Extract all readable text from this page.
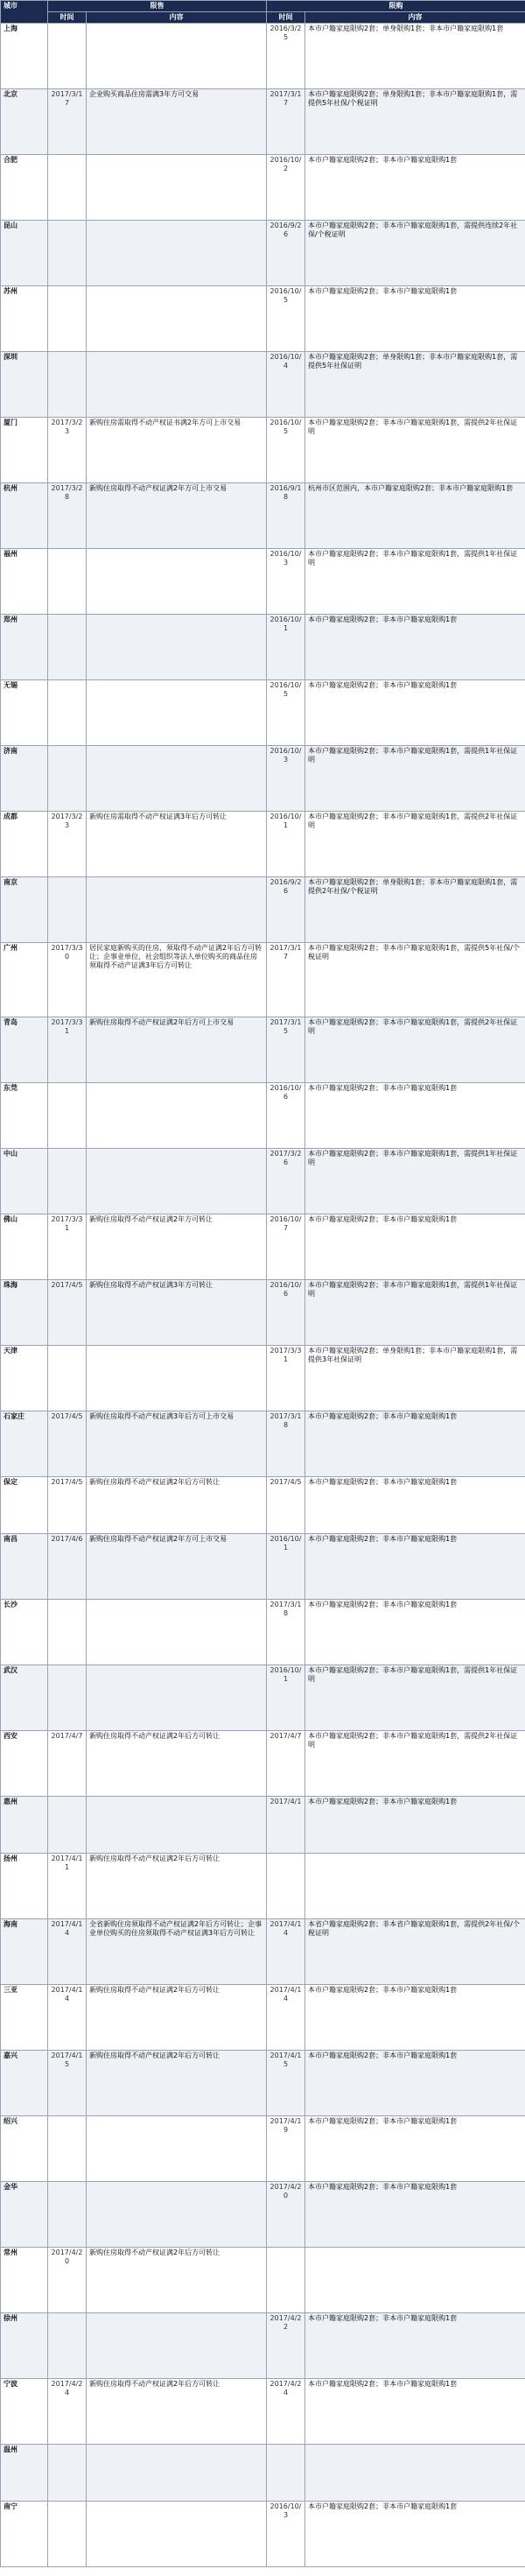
城市	限售		限购	
	时间	内容	时间	内容
上海			2016/3/25	本市户籍家庭限购2套；单身限购1套；非本市户籍家庭限购1套
北京	2017/3/17	企业购买商品住房需满3年方可交易	2017/3/17	本市户籍家庭限购2套；单身限购1套；非本市户籍家庭限购1套，需提供5年社保/个税证明
合肥			2016/10/2	本市户籍家庭限购2套；非本市户籍家庭限购1套
昆山			2016/9/26	本市户籍家庭限购2套；非本市户籍家庭限购1套，需提供连续2年社保/个税证明
苏州			2016/10/5	本市户籍家庭限购2套；非本市户籍家庭限购1套
深圳			2016/10/4	本市户籍家庭限购2套；单身限购1套；非本市户籍家庭限购1套，需提供5年社保证明
厦门	2017/3/23	新购住房需取得不动产权证书满2年方可上市交易	2016/10/5	本市户籍家庭限购2套；非本市户籍家庭限购1套，需提供2年社保证明
杭州	2017/3/28	新购住房取得不动产权证满2年方可上市交易	2016/9/18	杭州市区范围内，本市户籍家庭限购2套；非本市户籍家庭限购1套
福州			2016/10/3	本市户籍家庭限购2套；非本市户籍家庭限购1套，需提供1年社保证明
郑州			2016/10/1	本市户籍家庭限购2套；非本市户籍家庭限购1套
无锡			2016/10/5	本市户籍家庭限购2套；非本市户籍家庭限购1套
济南			2016/10/3	本市户籍家庭限购2套；非本市户籍家庭限购1套，需提供1年社保证明
成都	2017/3/23	新购住房需取得不动产权证满3年后方可转让	2016/10/1	本市户籍家庭限购2套；非本市户籍家庭限购1套，需提供2年社保证明
南京			2016/9/26	本市户籍家庭限购2套；单身限购1套；非本市户籍家庭限购1套，需提供2年社保/个税证明
广州	2017/3/30	居民家庭新购买的住房，须取得不动产证满2年后方可转让；企事业单位、社会组织等法人单位购买的商品住房须取得不动产证满3年后方可转让	2017/3/17	本市户籍家庭限购2套；非本市户籍家庭限购1套，需提供5年社保/个税证明
青岛	2017/3/31	新购住房取得不动产权证满2年后方可上市交易	2017/3/15	本市户籍家庭限购2套；非本市户籍家庭限购1套，需提供2年社保证明
东莞			2016/10/6	本市户籍家庭限购2套；非本市户籍家庭限购1套
中山			2017/3/26	本市户籍家庭限购2套；非本市户籍家庭限购1套，需提供1年社保证明
佛山	2017/3/31	新购住房取得不动产权证满2年方可转让	2016/10/7	本市户籍家庭限购2套；非本市户籍家庭限购1套
珠海	2017/4/5	新购住房取得不动产权证满3年方可转让	2016/10/6	本市户籍家庭限购2套；非本市户籍家庭限购1套，需提供1年社保证明
天津			2017/3/31	本市户籍家庭限购2套；单身限购1套；非本市户籍家庭限购1套，需提供3年社保证明
石家庄	2017/4/5	新购住房取得不动产权证满3年后方可上市交易	2017/3/18	本市户籍家庭限购2套；非本市户籍家庭限购1套
保定	2017/4/5	新购住房取得不动产权证满2年后方可转让	2017/4/5	本市户籍家庭限购2套；非本市户籍家庭限购1套
南昌	2017/4/6	新购住房取得不动产权证满2年方可上市交易	2016/10/1	本市户籍家庭限购2套；非本市户籍家庭限购1套
长沙			2017/3/18	本市户籍家庭限购2套；非本市户籍家庭限购1套
武汉			2016/10/1	本市户籍家庭限购2套；非本市户籍家庭限购1套，需提供1年社保证明
西安	2017/4/7	新购住房取得不动产权证满2年后方可转让	2017/4/7	本市户籍家庭限购2套；非本市户籍家庭限购1套，需提供2年社保证明
惠州			2017/4/1	本市户籍家庭限购2套；非本市户籍家庭限购1套
扬州	2017/4/11	新购住房取得不动产权证满2年后方可转让		
海南	2017/4/14	全省新购住房须取得不动产权证满2年后方可转让；企事业单位购买的住房须取得不动产权证满3年后方可转让	2017/4/14	本省户籍家庭限购2套；非本省户籍家庭限购1套，需提供2年社保/个税证明
三亚	2017/4/14	新购住房取得不动产权证满2年后方可转让	2017/4/14	本市户籍家庭限购2套；非本市户籍家庭限购1套
嘉兴	2017/4/15	新购住房取得不动产权证满2年后方可转让	2017/4/15	本市户籍家庭限购2套；非本市户籍家庭限购1套
绍兴			2017/4/19	本市户籍家庭限购2套；非本市户籍家庭限购1套
金华			2017/4/20	本市户籍家庭限购2套；非本市户籍家庭限购1套
常州	2017/4/20	新购住房取得不动产权证满2年后方可转让		
徐州			2017/4/22	本市户籍家庭限购2套；非本市户籍家庭限购1套
宁波	2017/4/24	新购住房取得不动产权证满2年后方可转让	2017/4/24	本市户籍家庭限购2套；非本市户籍家庭限购1套
温州				
南宁			2016/10/3	本市户籍家庭限购2套；非本市户籍家庭限购1套
